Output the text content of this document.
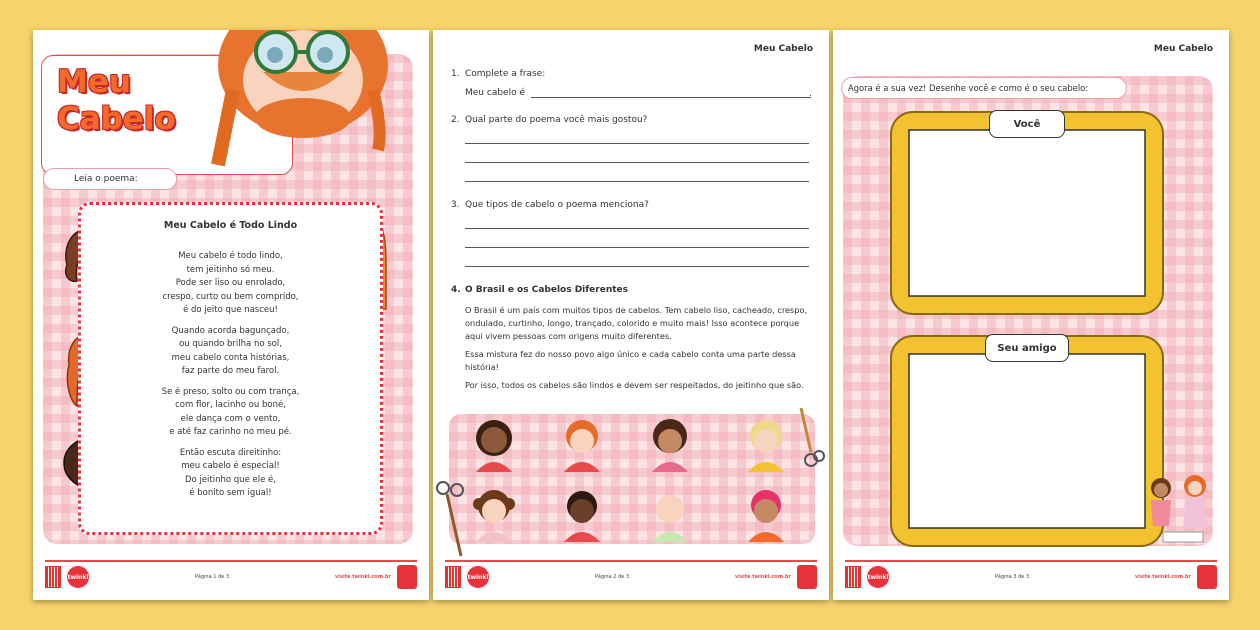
Meu
Cabelo
Leia o poema:
Meu Cabelo é Todo Lindo
Meu cabelo é todo lindo,
tem jeitinho só meu.
Pode ser liso ou enrolado,
crespo, curto ou bem comprido,
é do jeito que nasceu!
Quando acorda bagunçado,
ou quando brilha no sol,
meu cabelo conta histórias,
faz parte do meu farol.
Se é preso, solto ou com trança,
com flor, lacinho ou boné,
ele dança com o vento,
e até faz carinho no meu pé.
Então escuta direitinho:
meu cabelo é especial!
Do jeitinho que ele é,
é bonito sem igual!
twinkl	Página 1 de 3	visite twinkl.com.br
Meu Cabelo
1. Complete a frase:
Meu cabelo é	.
2. Qual parte do poema você mais gostou?
3. Que tipos de cabelo o poema menciona?
4. O Brasil e os Cabelos Diferentes
O Brasil é um país com muitos tipos de cabelos. Tem cabelo liso, cacheado, crespo, ondulado, curtinho, longo, trançado, colorido e muito mais! Isso acontece porque aqui vivem pessoas com origens muito diferentes.
Essa mistura fez do nosso povo algo único e cada cabelo conta uma parte dessa história!
Por isso, todos os cabelos são lindos e devem ser respeitados, do jeitinho que são.
twinkl	Página 2 de 3	visite twinkl.com.br
Meu Cabelo
Agora é a sua vez! Desenhe você e como é o seu cabelo:
Você
Seu amigo
twinkl	Página 3 de 3	visite twinkl.com.br
